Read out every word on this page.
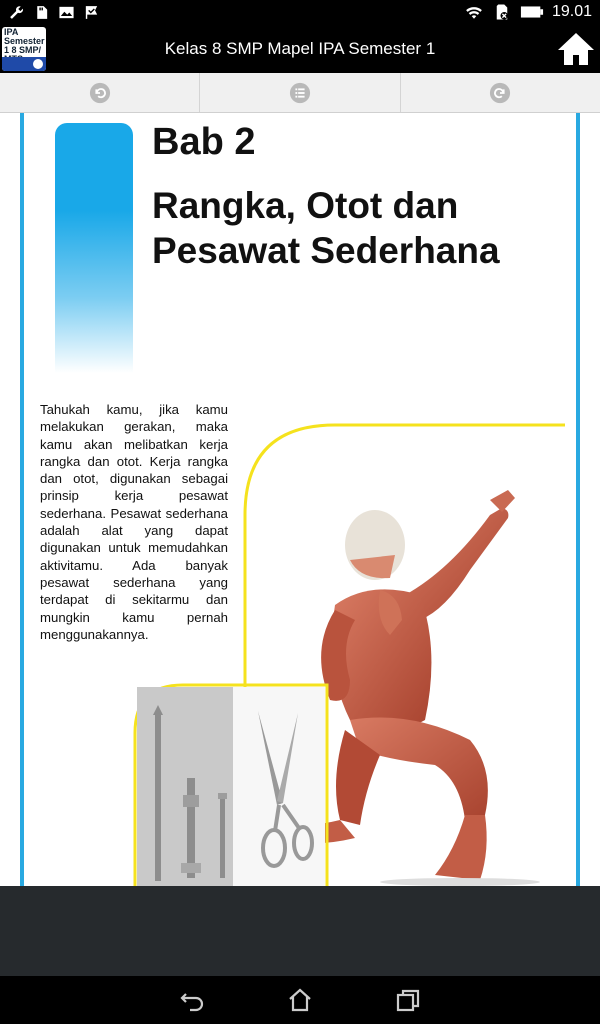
19.01
IPA Semester 1 8 SMP/	Kelas 8 SMP Mapel IPA Semester 1
Bab 2
Rangka, Otot dan Pesawat Sederhana
Tahukah kamu, jika kamu melakukan gerakan, maka kamu akan melibatkan kerja rangka dan otot. Kerja rangka dan otot, digunakan sebagai prinsip kerja pesawat sederhana. Pesawat sederhana adalah alat yang dapat digunakan untuk memudahkan aktivitamu. Ada banyak pesawat sederhana yang terdapat di sekitarmu dan mungkin kamu pernah menggunakannya.
